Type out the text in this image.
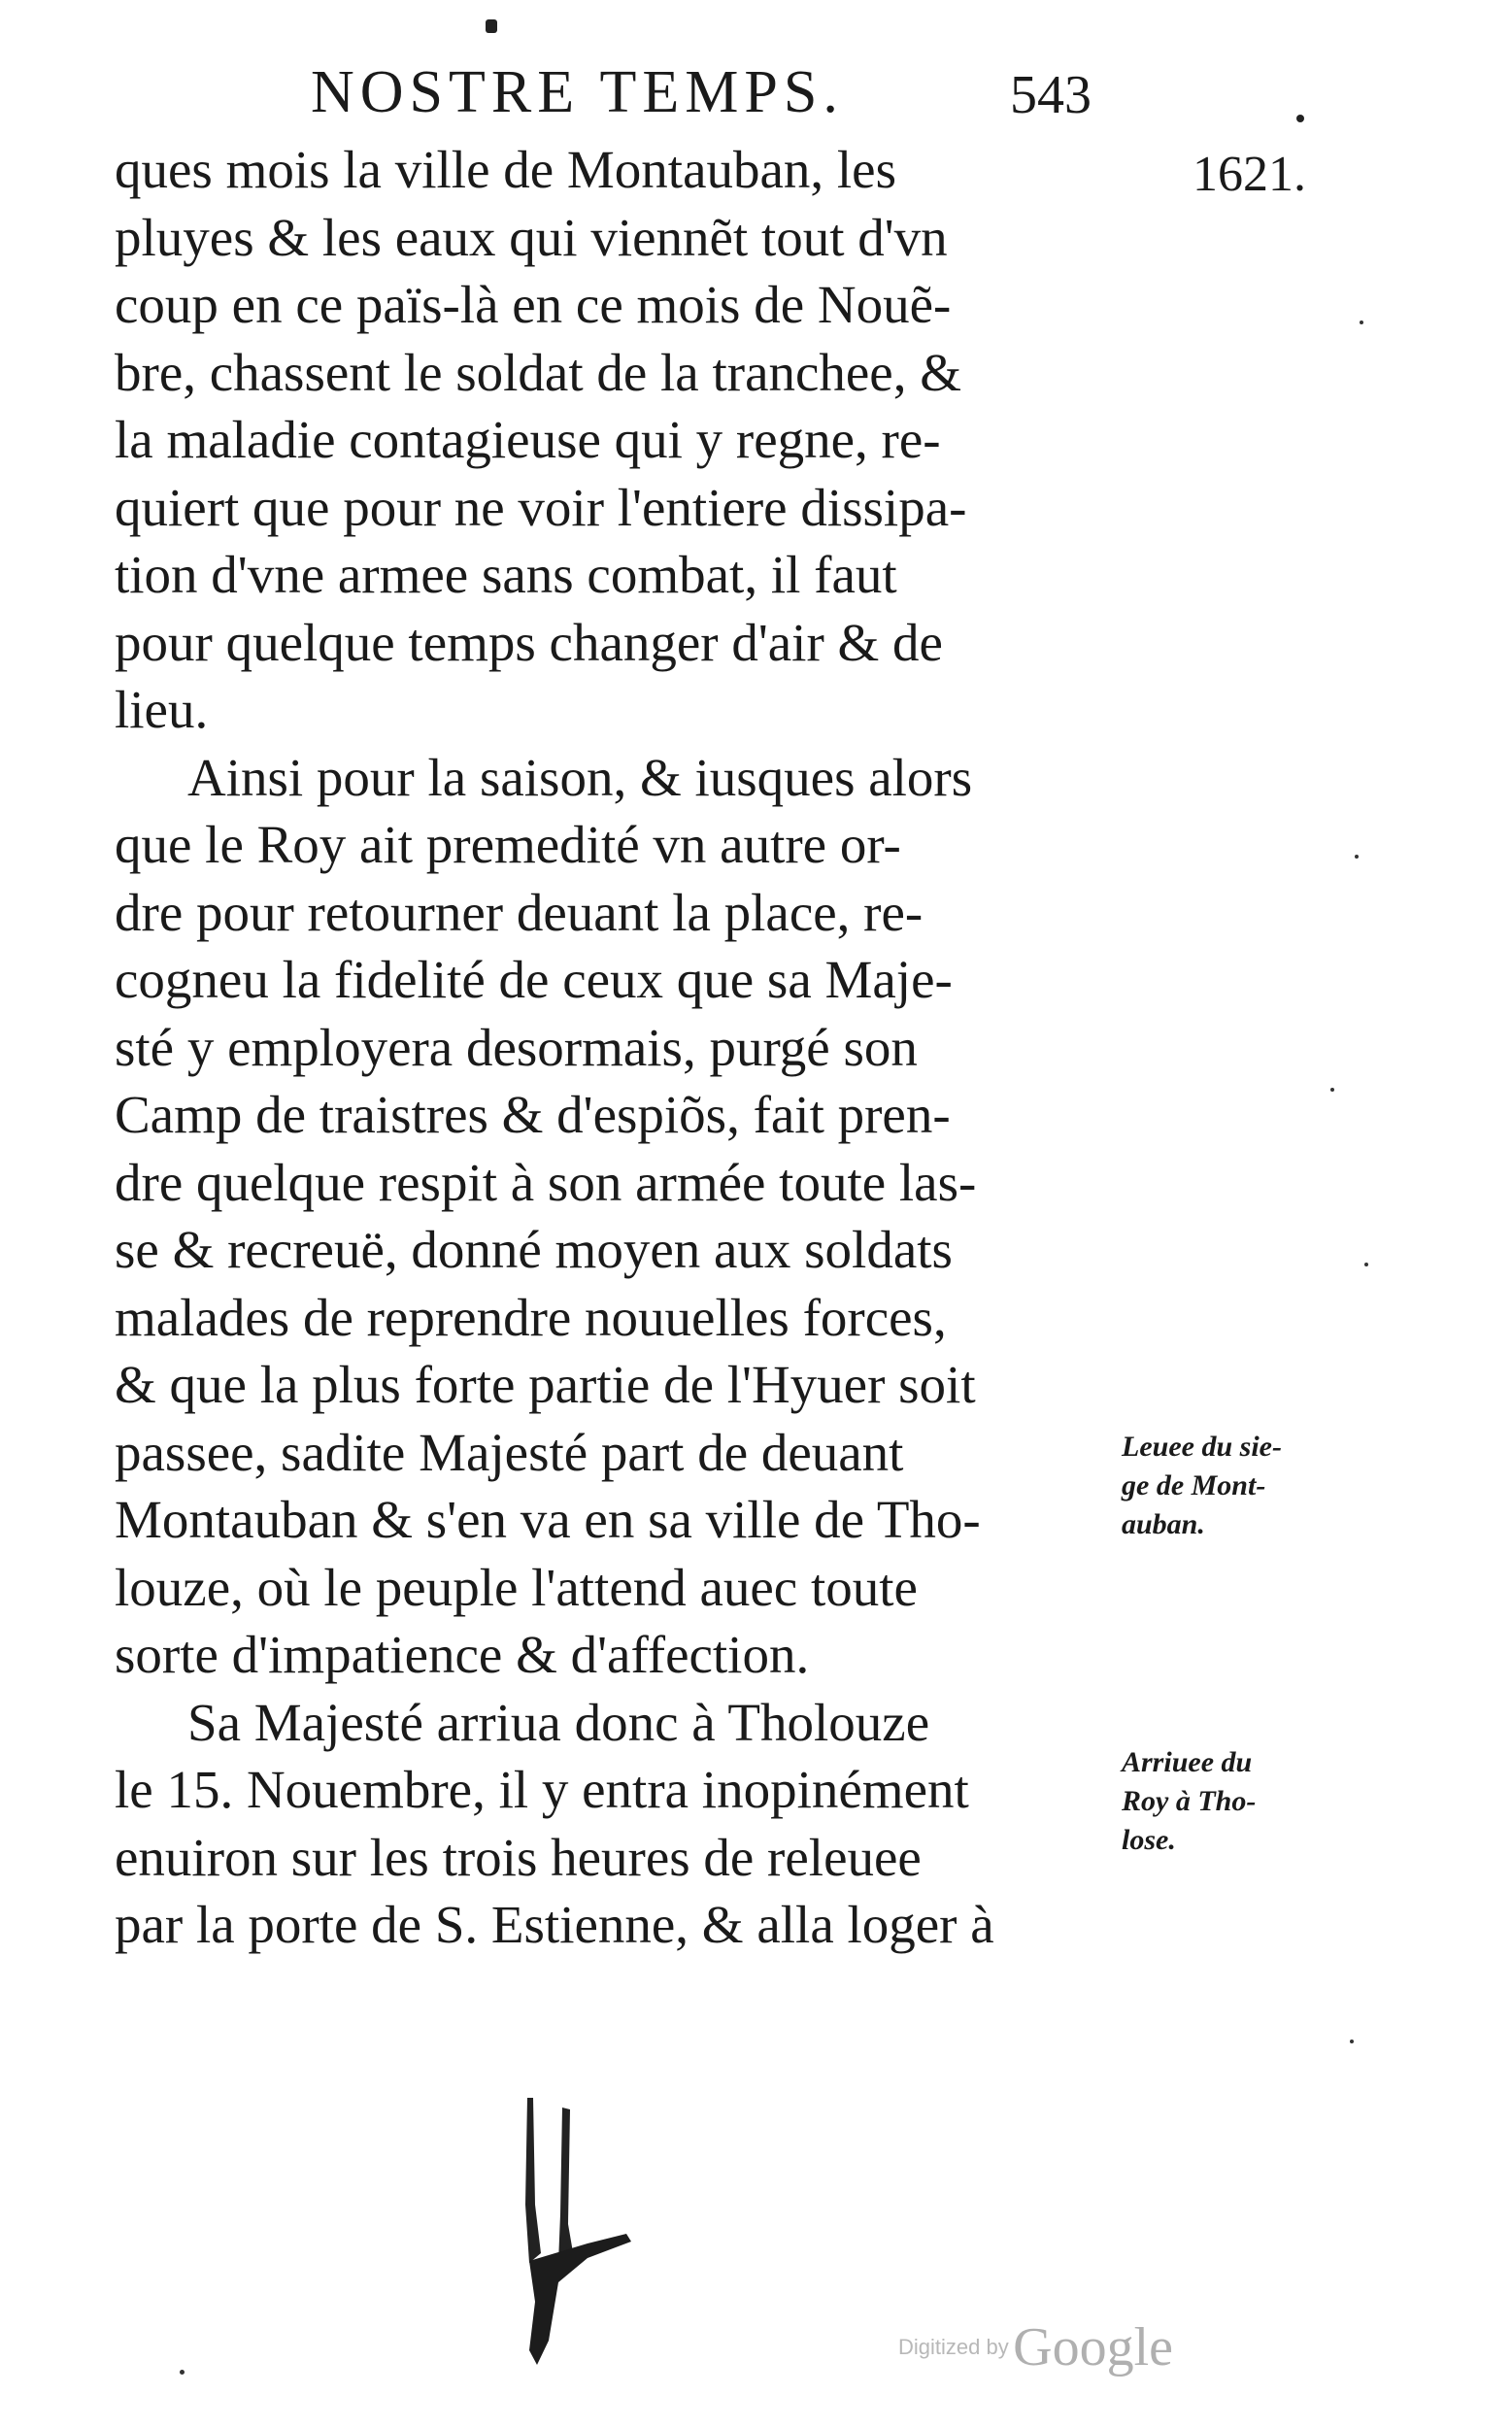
NOSTRE TEMPS.	543
1621.
ques mois la ville de Montauban, les
pluyes & les eaux qui viennẽt tout d'vn
coup en ce païs-là en ce mois de Nouẽ-
bre, chassent le soldat de la tranchee, &
la maladie contagieuse qui y regne, re-
quiert que pour ne voir l'entiere dissipa-
tion d'vne armee sans combat, il faut
pour quelque temps changer d'air & de
lieu.
Ainsi pour la saison, & iusques alors
que le Roy ait premedité vn autre or-
dre pour retourner deuant la place, re-
cogneu la fidelité de ceux que sa Maje-
sté y employera desormais, purgé son
Camp de traistres & d'espiõs, fait pren-
dre quelque respit à son armée toute las-
se & recreuë, donné moyen aux soldats
malades de reprendre nouuelles forces,
& que la plus forte partie de l'Hyuer soit
passee, sadite Majesté part de deuant
Montauban & s'en va en sa ville de Tho-
louze, où le peuple l'attend auec toute
sorte d'impatience & d'affection.
Sa Majesté arriua donc à Tholouze
le 15. Nouembre, il y entra inopinément
enuiron sur les trois heures de releuee
par la porte de S. Estienne, & alla loger à
Leuee du sie-
ge de Mont-
auban.
Arriuee du
Roy à Tho-
lose.
Digitized by Google
